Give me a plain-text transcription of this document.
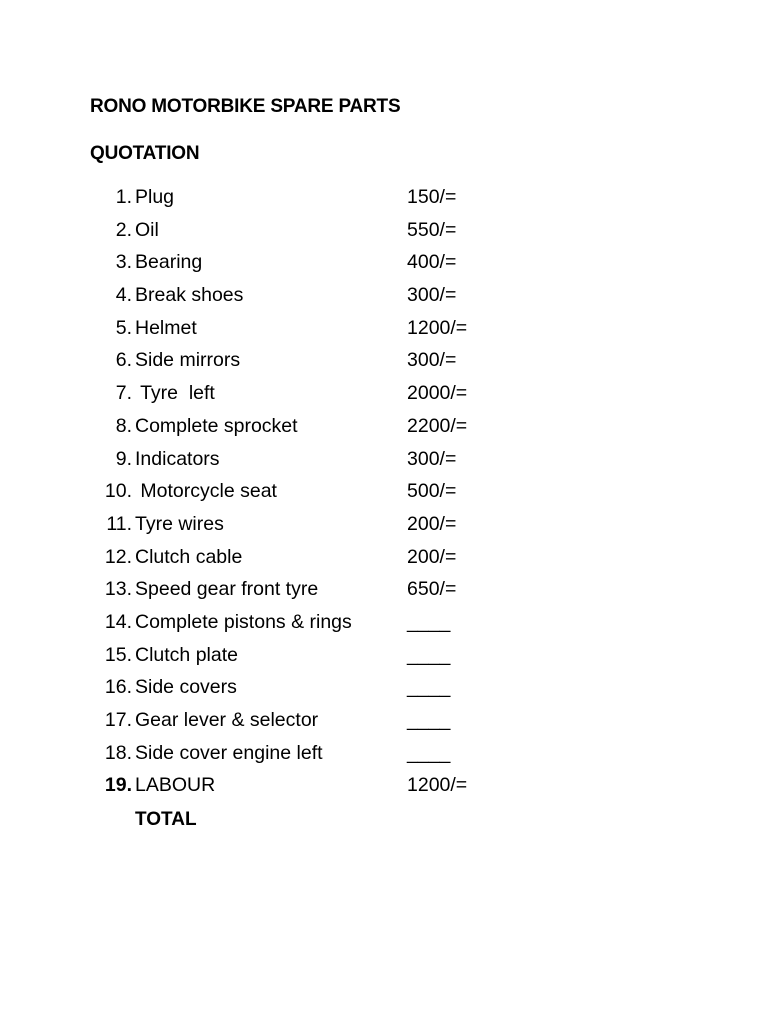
RONO MOTORBIKE SPARE PARTS
QUOTATION
1. Plug	150/=
2. Oil	550/=
3. Bearing	400/=
4. Break shoes	300/=
5. Helmet	1200/=
6. Side mirrors	300/=
7. Tyre  left	2000/=
8. Complete sprocket	2200/=
9. Indicators	300/=
10. Motorcycle seat	500/=
11. Tyre wires	200/=
12. Clutch cable	200/=
13. Speed gear front tyre	650/=
14. Complete pistons & rings	____
15. Clutch plate	____
16. Side covers	____
17. Gear lever & selector	____
18. Side cover engine left	____
19. LABOUR	1200/=
TOTAL
